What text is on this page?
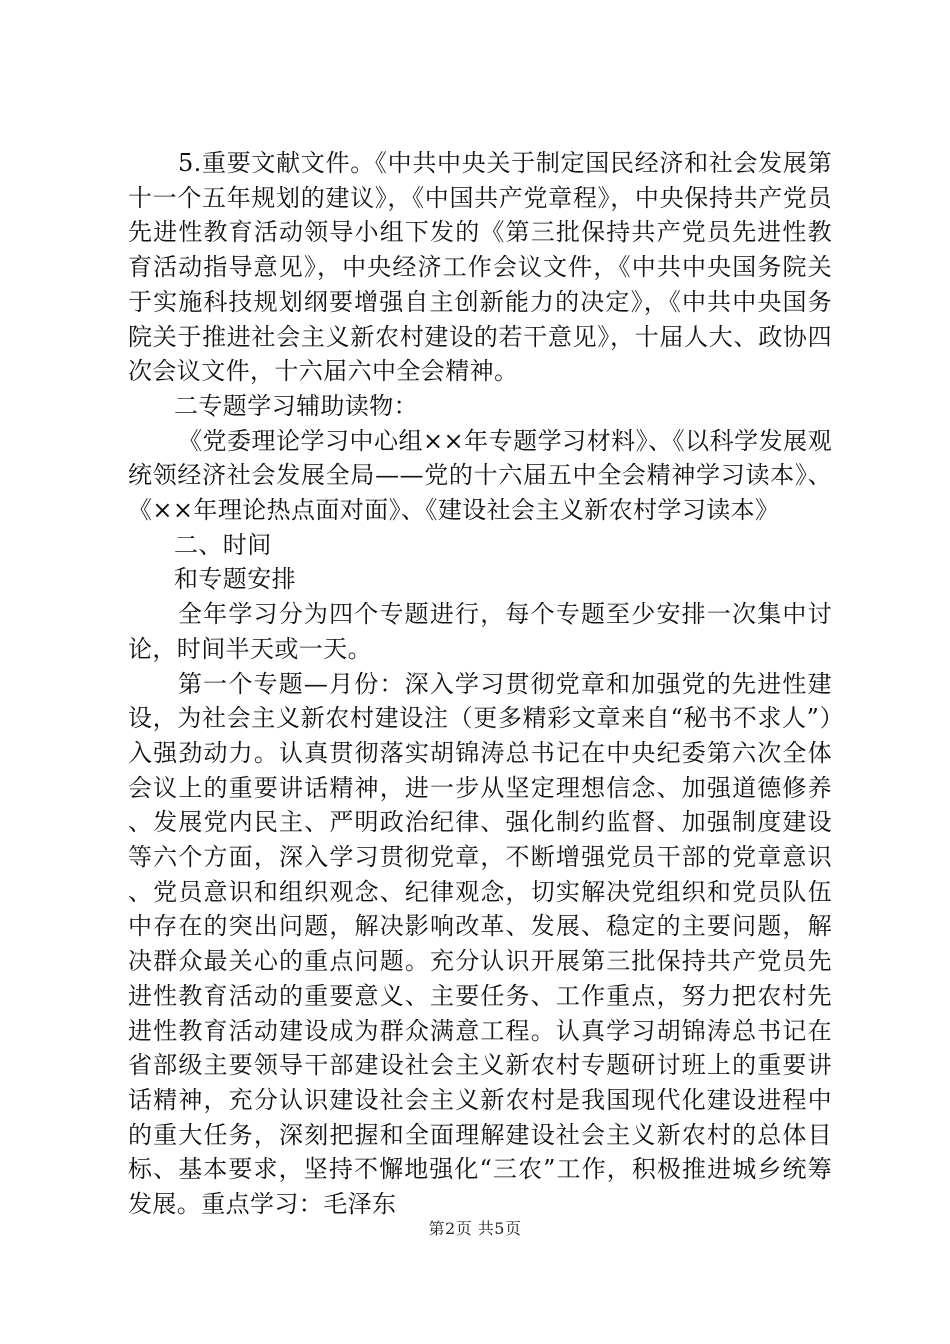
5.重要文献文件。《中共中央关于制定国民经济和社会发展第十一个五年规划的建议》，《中国共产党章程》，中央保持共产党员先进性教育活动领导小组下发的《第三批保持共产党员先进性教育活动指导意见》，中央经济工作会议文件，《中共中央国务院关于实施科技规划纲要增强自主创新能力的决定》，《中共中央国务院关于推进社会主义新农村建设的若干意见》，十届人大、政协四次会议文件，十六届六中全会精神。

二专题学习辅助读物：

《党委理论学习中心组××年专题学习材料》、《以科学发展观统领经济社会发展全局——党的十六届五中全会精神学习读本》、《××年理论热点面对面》、《建设社会主义新农村学习读本》

二、时间

和专题安排

全年学习分为四个专题进行，每个专题至少安排一次集中讨论，时间半天或一天。

第一个专题—月份：深入学习贯彻党章和加强党的先进性建设，为社会主义新农村建设注（更多精彩文章来自“秘书不求人”）入强劲动力。认真贯彻落实胡锦涛总书记在中央纪委第六次全体会议上的重要讲话精神，进一步从坚定理想信念、加强道德修养、发展党内民主、严明政治纪律、强化制约监督、加强制度建设等六个方面，深入学习贯彻党章，不断增强党员干部的党章意识、党员意识和组织观念、纪律观念，切实解决党组织和党员队伍中存在的突出问题，解决影响改革、发展、稳定的主要问题，解决群众最关心的重点问题。充分认识开展第三批保持共产党员先进性教育活动的重要意义、主要任务、工作重点，努力把农村先进性教育活动建设成为群众满意工程。认真学习胡锦涛总书记在省部级主要领导干部建设社会主义新农村专题研讨班上的重要讲话精神，充分认识建设社会主义新农村是我国现代化建设进程中的重大任务，深刻把握和全面理解建设社会主义新农村的总体目标、基本要求，坚持不懈地强化“三农”工作，积极推进城乡统筹发展。重点学习：毛泽东

第2页 共5页
